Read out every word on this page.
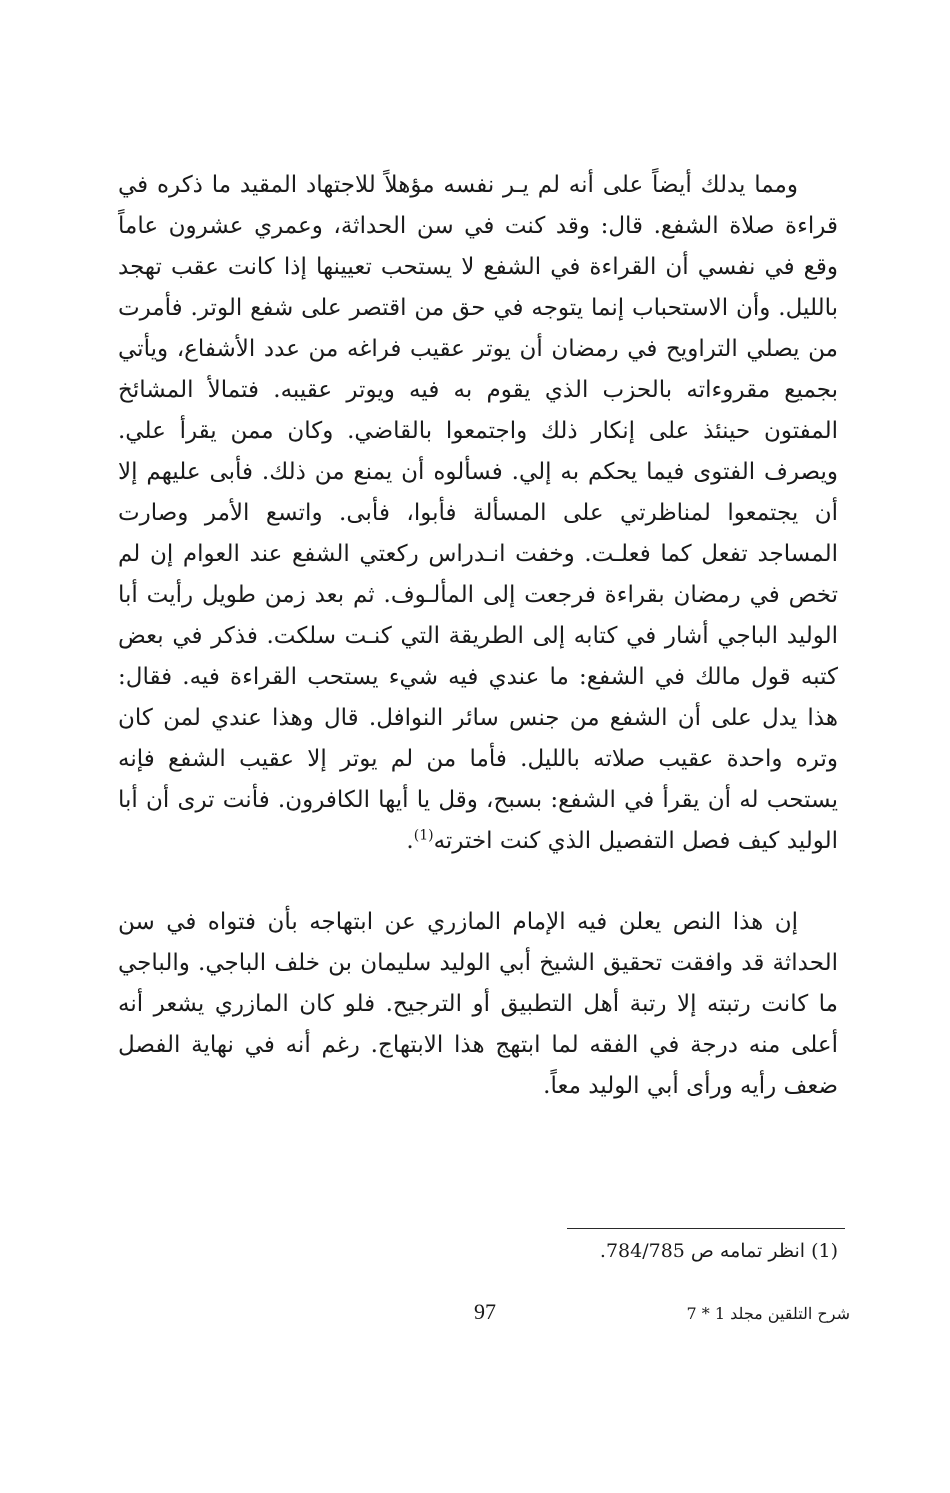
ومما يدلك أيضاً على أنه لم يـر نفسه مؤهلاً للاجتهاد المقيد ما ذكره في قراءة صلاة الشفع. قال: وقد كنت في سن الحداثة، وعمري عشرون عاماً وقع في نفسي أن القراءة في الشفع لا يستحب تعيينها إذا كانت عقب تهجد بالليل. وأن الاستحباب إنما يتوجه في حق من اقتصر على شفع الوتر. فأمرت من يصلي التراويح في رمضان أن يوتر عقيب فراغه من عدد الأشفاع، ويأتي بجميع مقروءاته بالحزب الذي يقوم به فيه ويوتر عقيبه. فتمالأ المشائخ المفتون حينئذ على إنكار ذلك واجتمعوا بالقاضي. وكان ممن يقرأ علي. ويصرف الفتوى فيما يحكم به إلي. فسألوه أن يمنع من ذلك. فأبى عليهم إلا أن يجتمعوا لمناظرتي على المسألة فأبوا، فأبى. واتسع الأمر وصارت المساجد تفعل كما فعلـت. وخفت انـدراس ركعتي الشفع عند العوام إن لم تخص في رمضان بقراءة فرجعت إلى المألـوف. ثم بعد زمن طويل رأيت أبا الوليد الباجي أشار في كتابه إلى الطريقة التي كنـت سلكت. فذكر في بعض كتبه قول مالك في الشفع: ما عندي فيه شيء يستحب القراءة فيه. فقال: هذا يدل على أن الشفع من جنس سائر النوافل. قال وهذا عندي لمن كان وتره واحدة عقيب صلاته بالليل. فأما من لم يوتر إلا عقيب الشفع فإنه يستحب له أن يقرأ في الشفع: بسبح، وقل يا أيها الكافرون. فأنت ترى أن أبا الوليد كيف فصل التفصيل الذي كنت اخترته$^{(1)}$.

إن هذا النص يعلن فيه الإمام المازري عن ابتهاجه بأن فتواه في سن الحداثة قد وافقت تحقيق الشيخ أبي الوليد سليمان بن خلف الباجي. والباجي ما كانت رتبته إلا رتبة أهل التطبيق أو الترجيح. فلو كان المازري يشعر أنه أعلى منه درجة في الفقه لما ابتهج هذا الابتهاج. رغم أنه في نهاية الفصل ضعف رأيه ورأى أبي الوليد معاً.

(1) انظر تمامه ص 784/785.
97	شرح التلقين مجلد 1 * 7
